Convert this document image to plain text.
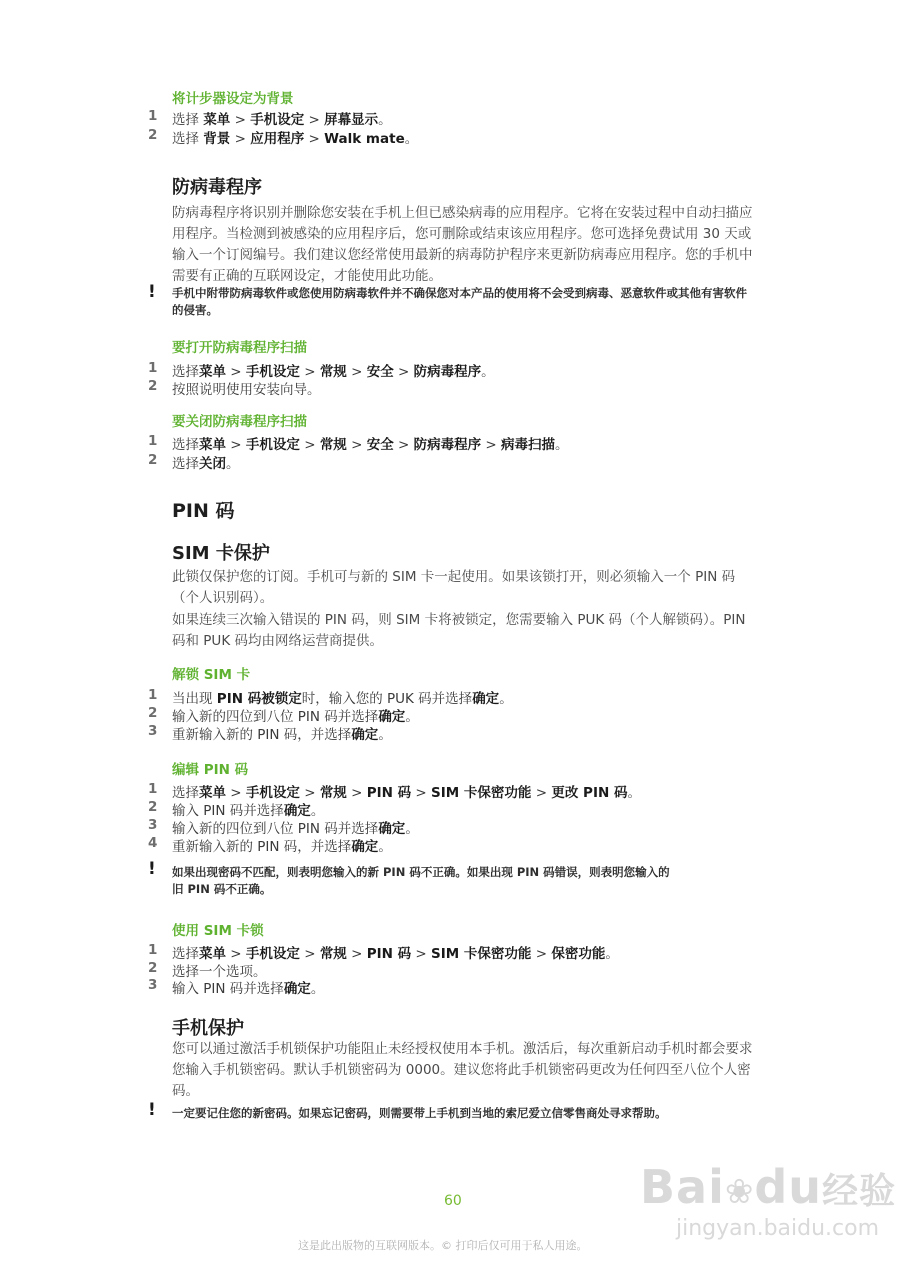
将计步器设定为背景
1 选择 菜单 > 手机设定 > 屏幕显示。
2 选择 背景 > 应用程序 > Walk mate。
防病毒程序
防病毒程序将识别并删除您安装在手机上但已感染病毒的应用程序。它将在安装过程中自动扫描应用程序。当检测到被感染的应用程序后，您可删除或结束该应用程序。您可选择免费试用 30 天或输入一个订阅编号。我们建议您经常使用最新的病毒防护程序来更新防病毒应用程序。您的手机中需要有正确的互联网设定，才能使用此功能。
! 手机中附带防病毒软件或您使用防病毒软件并不确保您对本产品的使用将不会受到病毒、恶意软件或其他有害软件的侵害。
要打开防病毒程序扫描
1 选择菜单 > 手机设定 > 常规 > 安全 > 防病毒程序。
2 按照说明使用安装向导。
要关闭防病毒程序扫描
1 选择菜单 > 手机设定 > 常规 > 安全 > 防病毒程序 > 病毒扫描。
2 选择关闭。
PIN 码
SIM 卡保护
此锁仅保护您的订阅。手机可与新的 SIM 卡一起使用。如果该锁打开，则必须输入一个 PIN 码（个人识别码）。
如果连续三次输入错误的 PIN 码，则 SIM 卡将被锁定，您需要输入 PUK 码（个人解锁码）。PIN 码和 PUK 码均由网络运营商提供。
解锁 SIM 卡
1 当出现 PIN 码被锁定时，输入您的 PUK 码并选择确定。
2 输入新的四位到八位 PIN 码并选择确定。
3 重新输入新的 PIN 码，并选择确定。
编辑 PIN 码
1 选择菜单 > 手机设定 > 常规 > PIN 码 > SIM 卡保密功能 > 更改 PIN 码。
2 输入 PIN 码并选择确定。
3 输入新的四位到八位 PIN 码并选择确定。
4 重新输入新的 PIN 码，并选择确定。
! 如果出现密码不匹配，则表明您输入的新 PIN 码不正确。如果出现 PIN 码错误，则表明您输入的
旧 PIN 码不正确。
使用 SIM 卡锁
1 选择菜单 > 手机设定 > 常规 > PIN 码 > SIM 卡保密功能 > 保密功能。
2 选择一个选项。
3 输入 PIN 码并选择确定。
手机保护
您可以通过激活手机锁保护功能阻止未经授权使用本手机。激活后，每次重新启动手机时都会要求您输入手机锁密码。默认手机锁密码为 0000。建议您将此手机锁密码更改为任何四至八位个人密码。
! 一定要记住您的新密码。如果忘记密码，则需要带上手机到当地的索尼爱立信零售商处寻求帮助。
60
这是此出版物的互联网版本。© 打印后仅可用于私人用途。
Bai❀du经验
jingyan.baidu.com
